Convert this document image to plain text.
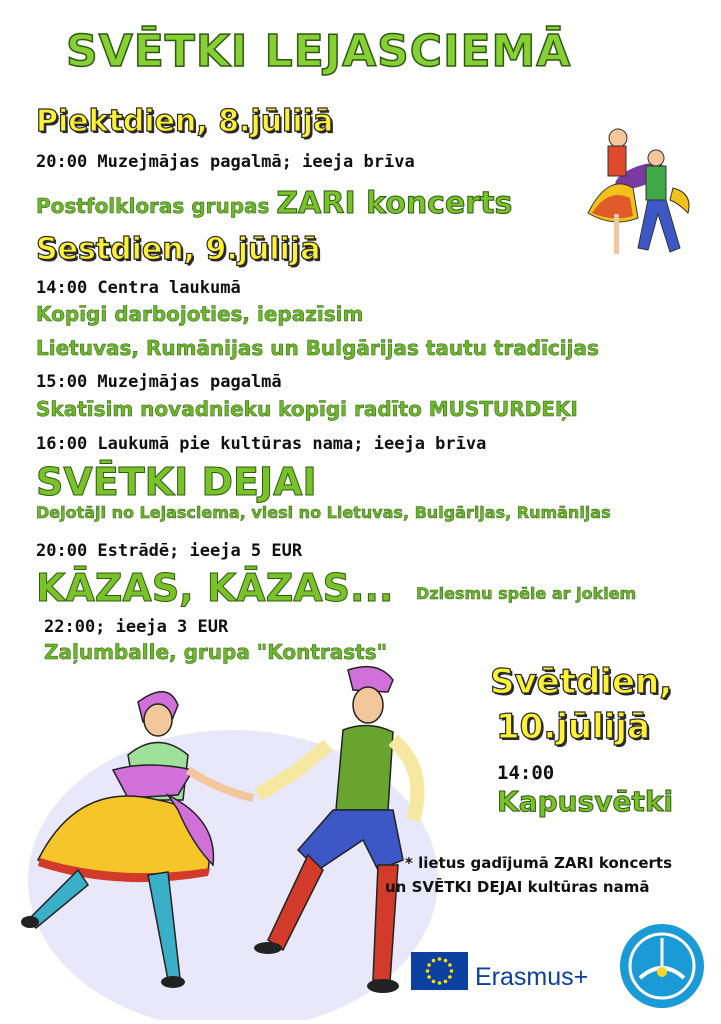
SVĒTKI LEJASCIEMĀ
Piektdien, 8.jūlijā
20:00 Muzejmājas pagalmā; ieeja brīva
Postfolkloras grupas ZARI koncerts
Sestdien, 9.jūlijā
14:00 Centra laukumā
Kopīgi darbojoties, iepazīsim
Lietuvas, Rumānijas un Bulgārijas tautu tradīcijas
15:00 Muzejmājas pagalmā
Skatīsim novadnieku kopīgi radīto MUSTURDEĶI
16:00 Laukumā pie kultūras nama; ieeja brīva
SVĒTKI DEJAI
Dejotāji no Lejasciema, viesi no Lietuvas, Bulgārijas, Rumānijas
20:00 Estrādē; ieeja 5 EUR
KĀZAS, KĀZAS... Dziesmu spēle ar jokiem
22:00; ieeja 3 EUR
Zaļumballe, grupa "Kontrasts"
Svētdien,
10.jūlijā
14:00
Kapusvētki
* lietus gadījumā ZARI koncerts
un SVĒTKI DEJAI kultūras namā
Erasmus+
